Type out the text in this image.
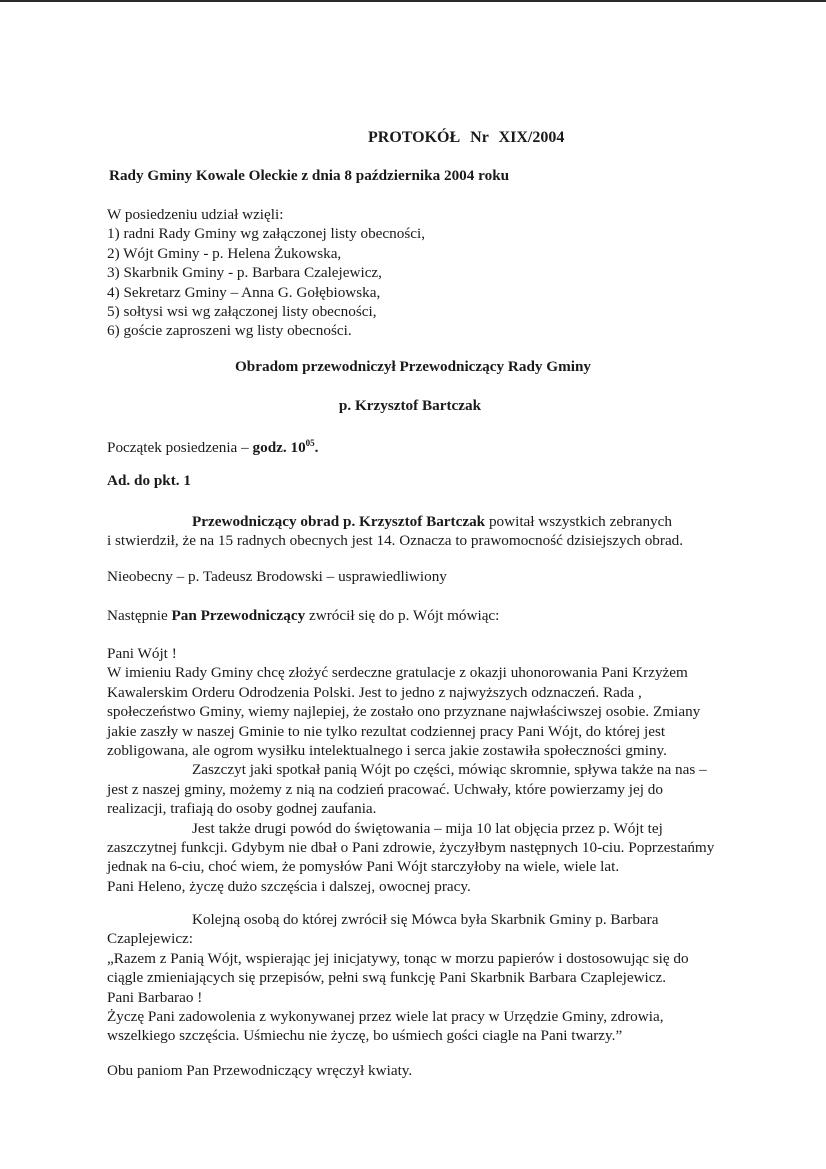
PROTOKÓŁ Nr XIX/2004
Rady Gminy Kowale Oleckie z dnia 8 października 2004 roku
W posiedzeniu udział wzięli:
1) radni Rady Gminy wg załączonej listy obecności,
2) Wójt Gminy - p. Helena Żukowska,
3) Skarbnik Gminy - p. Barbara Czalejewicz,
4) Sekretarz Gminy – Anna G. Gołębiowska,
5) sołtysi wsi wg załączonej listy obecności,
6) goście zaproszeni wg listy obecności.
Obradom przewodniczył Przewodniczący Rady Gminy
p. Krzysztof Bartczak
Początek posiedzenia – godz. $10^{05}$.
Ad. do pkt. 1
Przewodniczący obrad p. Krzysztof Bartczak powitał wszystkich zebranych
i stwierdził, że na 15 radnych obecnych jest 14. Oznacza to prawomocność dzisiejszych obrad.
Nieobecny – p. Tadeusz Brodowski – usprawiedliwiony
Następnie Pan Przewodniczący zwrócił się do p. Wójt mówiąc:
Pani Wójt !
W imieniu Rady Gminy chcę złożyć serdeczne gratulacje z okazji uhonorowania Pani Krzyżem
Kawalerskim Orderu Odrodzenia Polski. Jest to jedno z najwyższych odznaczeń. Rada ,
społeczeństwo Gminy, wiemy najlepiej, że zostało ono przyznane najwłaściwszej osobie. Zmiany
jakie zaszły w naszej Gminie to nie tylko rezultat codziennej pracy Pani Wójt, do której jest
zobligowana, ale ogrom wysiłku intelektualnego i serca jakie zostawiła społeczności gminy.
Zaszczyt jaki spotkał panią Wójt po części, mówiąc skromnie, spływa także na nas –
jest z naszej gminy, możemy z nią na codzień pracować. Uchwały, które powierzamy jej do
realizacji, trafiają do osoby godnej zaufania.
Jest także drugi powód do świętowania – mija 10 lat objęcia przez p. Wójt tej
zaszczytnej funkcji. Gdybym nie dbał o Pani zdrowie, życzyłbym następnych 10-ciu. Poprzestańmy
jednak na 6-ciu, choć wiem, że pomysłów Pani Wójt starczyłoby na wiele, wiele lat.
Pani Heleno, życzę dużo szczęścia i dalszej, owocnej pracy.
Kolejną osobą do której zwrócił się Mówca była Skarbnik Gminy p. Barbara
Czaplejewicz:
„Razem z Panią Wójt, wspierając jej inicjatywy, tonąc w morzu papierów i dostosowując się do
ciągle zmieniających się przepisów, pełni swą funkcję Pani Skarbnik Barbara Czaplejewicz.
Pani Barbarao !
Życzę Pani zadowolenia z wykonywanej przez wiele lat pracy w Urzędzie Gminy, zdrowia,
wszelkiego szczęścia. Uśmiechu nie życzę, bo uśmiech gości ciagle na Pani twarzy.”
Obu paniom Pan Przewodniczący wręczył kwiaty.
